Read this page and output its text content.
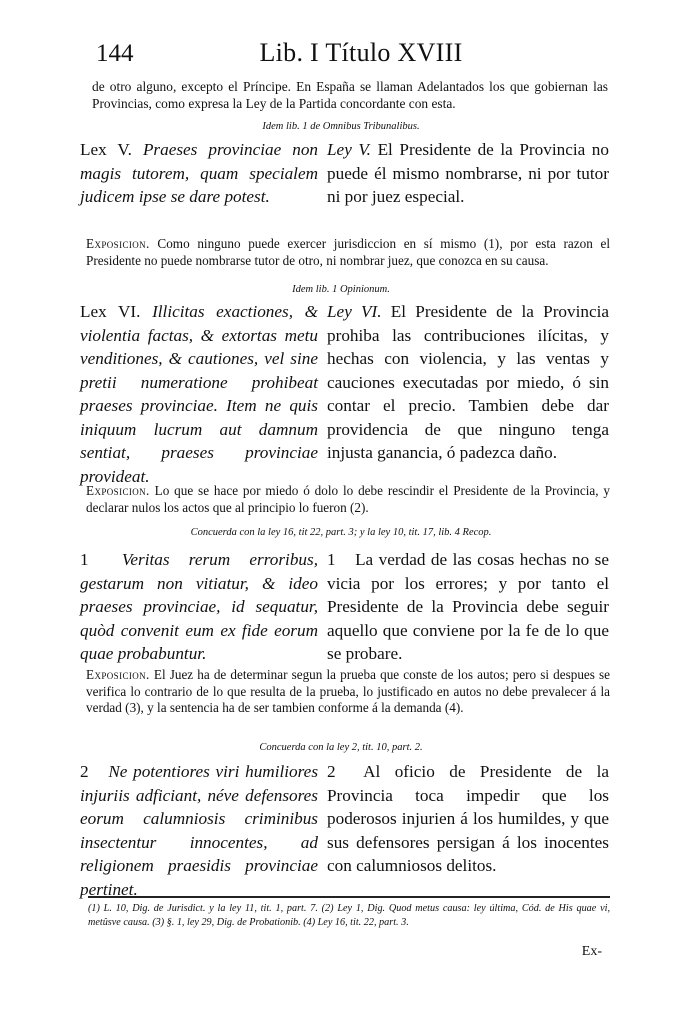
144	Lib. I Título XVIII
de otro alguno, excepto el Príncipe. En España se llaman Adelantados los que gobiernan las Provincias, como expresa la Ley de la Partida concordante con esta.
Idem lib. 1 de Omnibus Tribunalibus.
Lex V. Praeses provinciae non magis tutorem, quam specialem judicem ipse se dare potest.
Ley V. El Presidente de la Provincia no puede él mismo nombrarse, ni por tutor ni por juez especial.
Exposicion. Como ninguno puede exercer jurisdiccion en sí mismo (1), por esta razon el Presidente no puede nombrarse tutor de otro, ni nombrar juez, que conozca en su causa.
Idem lib. 1 Opinionum.
Lex VI. Illicitas exactiones, & violentia factas, & extortas metu venditiones, & cautiones, vel sine pretii numeratione prohibeat praeses provinciae. Item ne quis iniquum lucrum aut damnum sentiat, praeses provinciae provideat.
Ley VI. El Presidente de la Provincia prohiba las contribuciones ilícitas, y hechas con violencia, y las ventas y cauciones executadas por miedo, ó sin contar el precio. Tambien debe dar providencia de que ninguno tenga injusta ganancia, ó padezca daño.
Exposicion. Lo que se hace por miedo ó dolo lo debe rescindir el Presidente de la Provincia, y declarar nulos los actos que al principio lo fueron (2).
Concuerda con la ley 16, tit 22, part. 3; y la ley 10, tit. 17, lib. 4 Recop.
1 Veritas rerum erroribus, gestarum non vitiatur, & ideo praeses provinciae, id sequatur, quòd convenit eum ex fide eorum quae probabuntur.
1 La verdad de las cosas hechas no se vicia por los errores; y por tanto el Presidente de la Provincia debe seguir aquello que conviene por la fe de lo que se probare.
Exposicion. El Juez ha de determinar segun la prueba que conste de los autos; pero si despues se verifica lo contrario de lo que resulta de la prueba, lo justificado en autos no debe prevalecer á la verdad (3), y la sentencia ha de ser tambien conforme á la demanda (4).
Concuerda con la ley 2, tit. 10, part. 2.
2 Ne potentiores viri humiliores injuriis adficiant, néve defensores eorum calumniosis criminibus insectentur innocentes, ad religionem praesidis provinciae pertinet.
2 Al oficio de Presidente de la Provincia toca impedir que los poderosos injurien á los humildes, y que sus defensores persigan á los inocentes con calumniosos delitos.
(1) L. 10, Dig. de Jurisdict. y la ley 11, tit. 1, part. 7. (2) Ley 1, Dig. Quod metus causa: ley última, Cód. de His quae vi, metûsve causa. (3) §. 1, ley 29, Dig. de Probationib. (4) Ley 16, tit. 22, part. 3.
Ex-
